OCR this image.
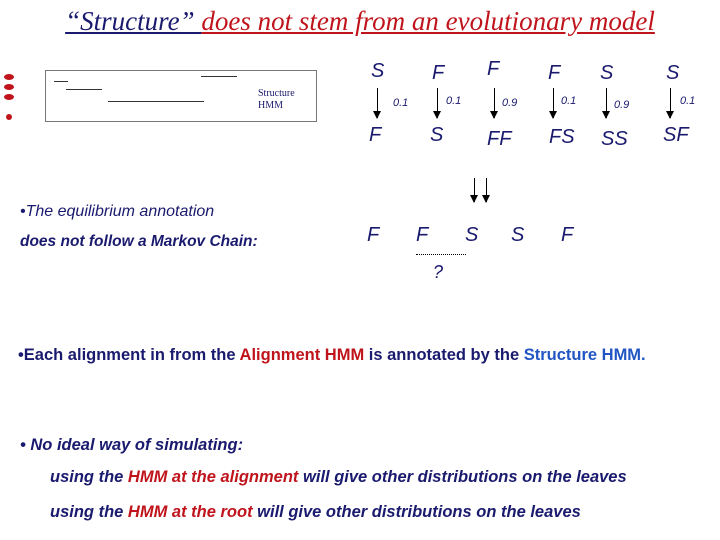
“Structure” does not stem from an evolutionary model
Structure
HMM
S F F F S	S
0.1	0.1	0.9	0.1	0.9	0.1
F S FF FS SS SF
•The equilibrium annotation
does not follow a Markov Chain:	F F S S F
?
•Each alignment in from the Alignment HMM is annotated by the Structure HMM.
• No ideal way of simulating:
using the HMM at the alignment will give other distributions on the leaves
using the HMM at the root will give other distributions on the leaves
